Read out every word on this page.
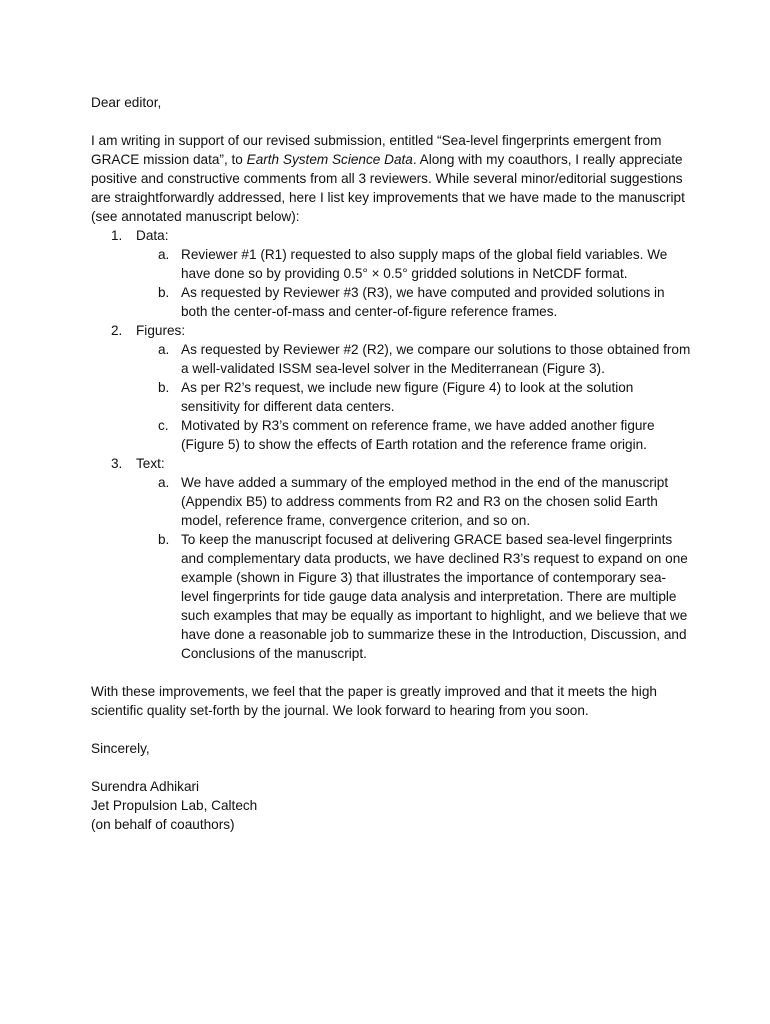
Dear editor,

I am writing in support of our revised submission, entitled “Sea-level fingerprints emergent from GRACE mission data”, to Earth System Science Data. Along with my coauthors, I really appreciate positive and constructive comments from all 3 reviewers. While several minor/editorial suggestions are straightforwardly addressed, here I list key improvements that we have made to the manuscript (see annotated manuscript below):

1. Data:
a. Reviewer #1 (R1) requested to also supply maps of the global field variables. We have done so by providing 0.5° × 0.5° gridded solutions in NetCDF format.
b. As requested by Reviewer #3 (R3), we have computed and provided solutions in both the center-of-mass and center-of-figure reference frames.
2. Figures:
a. As requested by Reviewer #2 (R2), we compare our solutions to those obtained from a well-validated ISSM sea-level solver in the Mediterranean (Figure 3).
b. As per R2’s request, we include new figure (Figure 4) to look at the solution sensitivity for different data centers.
c. Motivated by R3’s comment on reference frame, we have added another figure (Figure 5) to show the effects of Earth rotation and the reference frame origin.
3. Text:
a. We have added a summary of the employed method in the end of the manuscript (Appendix B5) to address comments from R2 and R3 on the chosen solid Earth model, reference frame, convergence criterion, and so on.
b. To keep the manuscript focused at delivering GRACE based sea-level fingerprints and complementary data products, we have declined R3’s request to expand on one example (shown in Figure 3) that illustrates the importance of contemporary sea-level fingerprints for tide gauge data analysis and interpretation. There are multiple such examples that may be equally as important to highlight, and we believe that we have done a reasonable job to summarize these in the Introduction, Discussion, and Conclusions of the manuscript.

With these improvements, we feel that the paper is greatly improved and that it meets the high scientific quality set-forth by the journal. We look forward to hearing from you soon.

Sincerely,

Surendra Adhikari

Jet Propulsion Lab, Caltech

(on behalf of coauthors)
